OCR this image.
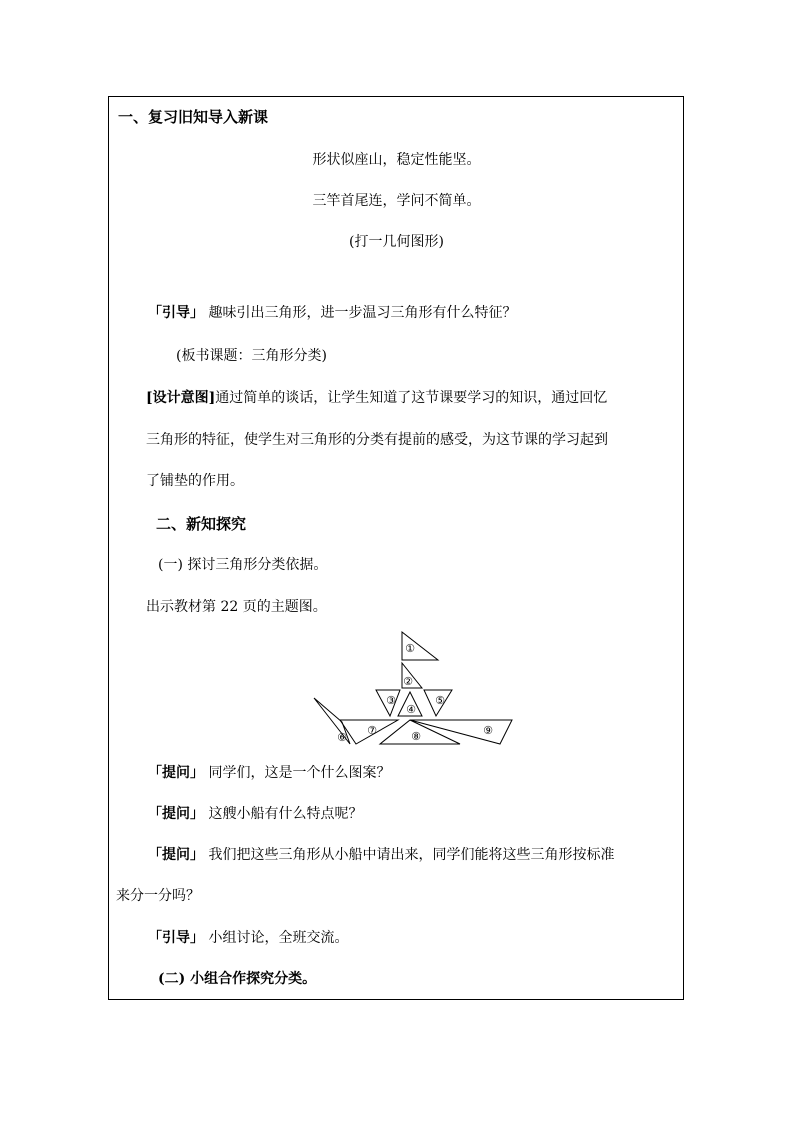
一、复习旧知导入新课
形状似座山，稳定性能坚。
三竿首尾连，学问不简单。
(打一几何图形)
「引导」 趣味引出三角形，进一步温习三角形有什么特征？
(板书课题：三角形分类)
[设计意图]通过简单的谈话，让学生知道了这节课要学习的知识，通过回忆
三角形的特征，使学生对三角形的分类有提前的感受，为这节课的学习起到
了铺垫的作用。
二、新知探究
(一) 探讨三角形分类依据。
出示教材第 22 页的主题图。
①
②
③
④
⑤
⑥
⑦	⑧	⑨
「提问」 同学们，这是一个什么图案？
「提问」 这艘小船有什么特点呢？
「提问」 我们把这些三角形从小船中请出来，同学们能将这些三角形按标准
来分一分吗？
「引导」 小组讨论，全班交流。
(二) 小组合作探究分类。
